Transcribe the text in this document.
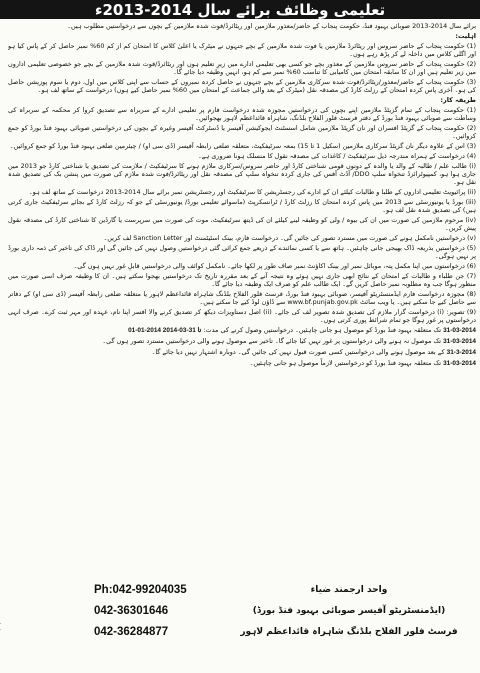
تعلیمی وظائف برائے سال 2014-2013ء

برائے سال 2014-2013 صوبائی بہبود فنڈ، حکومت پنجاب کے حاضر/معذور ملازمین اور ریٹائرڈ/فوت شدہ ملازمین کے بچوں سے درخواستیں مطلوب ہیں۔

اہلیت:

(1) حکومت پنجاب کے حاضر سروس اور ریٹائرڈ ملازمین یا فوت شدہ ملازمین کے بچے جنہوں نے میٹرک یا اعلیٰ کلاس کا امتحان کم از کم 60% نمبر حاصل کر کے پاس کیا ہو اور اگلی کلاس میں داخلہ لے کر پڑھ رہے ہوں۔

(2) حکومت پنجاب کے حاضر سروس ملازمین کے معذور بچے جو کسی بھی تعلیمی ادارے میں زیرِ تعلیم ہوں اور ریٹائرڈ/فوت شدہ ملازمین کے بچے جو خصوصی تعلیمی اداروں میں زیر تعلیم ہیں اور ان کا سابقہ امتحان میں کامیابی کا تناسب 60% نمبر سے کم ہو، انہیں وظیفہ دیا جائے گا۔

(3) حکومت پنجاب کے حاضر/معذور/ریٹائرڈ/فوت شدہ سرکاری ملازمین کے بچے جنہوں نے حاصل کردہ نمبروں کے حساب سے اپنی کلاس میں اول، دوم یا سوم پوزیشن حاصل کی ہو۔ آخری پاس کردہ امتحان کے رزلٹ کارڈ کی مصدقہ نقل (میٹرک کے بعد والی جماعت کے امتحان میں 60% نمبر حاصل کیے ہوں) درخواست کے ساتھ لف ہو۔

طریقہ کار:

(1) حکومت پنجاب کے تمام گزیٹڈ ملازمین اپنے بچوں کی درخواستیں مجوزہ شدہ درخواست فارم پر تعلیمی ادارے کے سربراہ سے تصدیق کروا کر محکمہ کے سربراہ کی وساطت سے صوبائی بہبود فنڈ بورڈ کے دفتر فرسٹ فلور الفلاح بلڈنگ، شاہراہ قائداعظم لاہور بھجوائیں۔

(2) حکومت پنجاب کے گزیٹڈ افسران اور نان گزیٹڈ ملازمین شامل اسسٹنٹ ایجوکیشن آفیسر یا ڈسٹرکٹ آفیسر وغیرہ کے بچوں کی درخواستیں صوبائی بہبود فنڈ بورڈ کو جمع کروائیں۔

(3) اس کے علاوہ دیگر نان گزیٹڈ سرکاری ملازمین (سکیل 1 تا 15) بمعہ سرٹیفکیٹ، متعلقہ ضلعی رابطہ آفیسر (ڈی سی او) / چیئرمین ضلعی بہبود فنڈ بورڈ کو جمع کروائیں۔

(4) درخواست کے ہمراہ مندرجہ ذیل سرٹیفکیٹ / کاغذات کی مصدقہ نقول کا منسلک ہونا ضروری ہے۔

(i) طالب علم / طالبہ کے والد یا والدہ کے دونوں قومی شناختی کارڈ اور حاضر سروس/سرکاری ملازم ہونے کا سرٹیفکیٹ / ملازمت کی تصدیق یا شناختی کارڈ جو 2013 میں جاری ہوا ہو، کمپیوٹرائزڈ تنخواہ سلپ DDO/ آڈٹ آفس کی جاری کردہ تنخواہ سلپ کی مصدقہ نقل اور ریٹائرڈ/فوت شدہ ملازم کی صورت میں پنشن بک کی تصدیق شدہ نقل ہو۔

(ii) پرائیویٹ تعلیمی اداروں کے طلبا و طالبات کیلئے ان کے ادارے کی رجسٹریشن کا سرٹیفکیٹ اور رجسٹریشن نمبر برائے سال 2014-2013 درخواست کے ساتھ لف ہو۔

(iii) بورڈ یا یونیورسٹی سے 2013 میں پاس کردہ امتحان کا رزلٹ کارڈ / ٹرانسکرپٹ (ماسوائے تعلیمی بورڈ/ یونیورسٹی کے جو کہ رزلٹ کارڈ کے بجائے سرٹیفکیٹ جاری کرتی ہیں) کی تصدیق شدہ نقل لف ہو۔

(iv) مرحوم ملازمین کی صورت میں ان کی بیوہ / ولی کو وظیفہ لینے کیلئے ان کی ڈیتھ سرٹیفکیٹ، موت کی صورت میں سرپرست یا گارڈین کا شناختی کارڈ کی مصدقہ نقول پیش کریں۔

(v) درخواستیں نامکمل ہونے کی صورت میں مسترد تصور کی جائیں گی۔ درخواست فارم، بینک اسٹیٹمنٹ اور Sanction Letter لف کریں۔

(5) درخواستیں بذریعہ ڈاک بھیجی جانی چاہئیں۔ ہاتھ سے یا کسی نمائندے کے ذریعے جمع کرائی گئی درخواستیں وصول نہیں کی جائیں گی اور ڈاک کی تاخیر کی ذمہ داری بورڈ پر نہیں ہوگی۔

(6) درخواستوں میں اپنا مکمل پتہ، موبائل نمبر اور بینک اکاؤنٹ نمبر صاف طور پر لکھا جائے۔ نامکمل کوائف والی درخواستیں قابلِ غور نہیں ہوں گی۔

(7) جن طلباء و طالبات کے امتحان کے نتائج ابھی جاری نہیں ہوئے وہ نتیجہ آنے کے بعد مقررہ تاریخ تک درخواستیں بھجوا سکتے ہیں۔ ان کا وظیفہ صرف اسی صورت میں منظور ہوگا جب وہ مطلوبہ نمبر حاصل کریں گے۔ ایک طالب علم کو صرف ایک وظیفہ دیا جائے گا۔

(8) مجوزہ درخواست فارم ایڈمنسٹریٹو آفیسر، صوبائی بہبود فنڈ بورڈ، فرسٹ فلور الفلاح بلڈنگ شاہراہ قائداعظم لاہور یا متعلقہ ضلعی رابطہ آفیسر (ڈی سی او) کے دفاتر سے حاصل کیے جا سکتے ہیں۔ یا ویب سائٹ www.bf.punjab.gov.pk سے ڈاؤن لوڈ کیے جا سکتے ہیں۔

(9) تصویر: (i) درخواست گزار ملازم کی تصدیق شدہ تصویر لف کی جائے۔ (ii) اصل دستاویزات دیکھ کر تصدیق کرنے والا افسر اپنا نام، عہدہ اور مہر ثبت کرے۔ صرف انہی درخواستوں پر غور ہوگا جو تمام شرائط پوری کرتی ہوں۔

31-03-2014 تک متعلقہ بہبود فنڈ بورڈ کو موصول ہو جانی چاہئیں۔ درخواستیں وصول کرنے کی مدت: 01-01-2014 تا 31-03-2014

31-03-2014 تک موصول نہ ہونے والی درخواستوں پر غور نہیں کیا جائے گا۔ تاخیر سے موصول ہونے والی درخواستیں مسترد تصور ہوں گی۔

31-3-2014 کے بعد موصول ہونے والی درخواستیں کسی صورت قبول نہیں کی جائیں گی۔ دوبارہ اشتہار نہیں دیا جائے گا۔

31-03-2014 تک متعلقہ بہبود فنڈ بورڈ کو درخواستیں لازماً موصول ہو جانی چاہئیں۔

Ph:042-99204035
042-36301646
042-36284877
واحد ارجمند ضیاء
(ایڈمنسٹریٹو آفیسر صوبائی بہبود فنڈ بورڈ)
فرسٹ فلور الفلاح بلڈنگ شاہراہ قائداعظم لاہور
